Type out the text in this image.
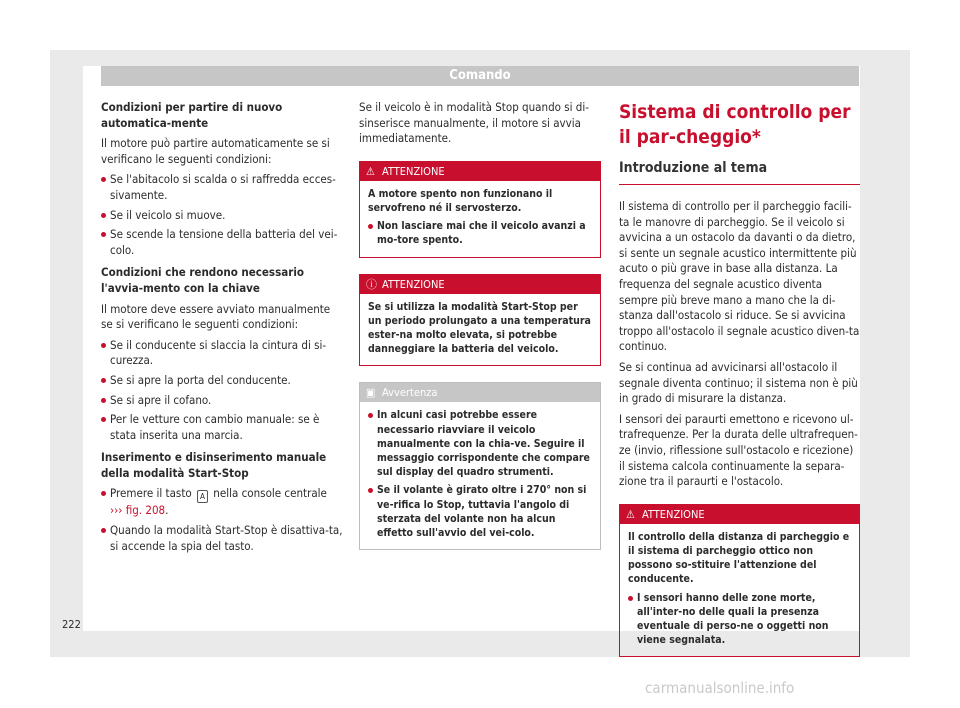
Comando

Condizioni per partire di nuovo automatica-mente

Il motore può partire automaticamente se si verificano le seguenti condizioni:

Se l'abitacolo si scalda o si raffredda ecces-sivamente.
Se il veicolo si muove.
Se scende la tensione della batteria del vei-colo.

Condizioni che rendono necessario l'avvia-mento con la chiave

Il motore deve essere avviato manualmente se si verificano le seguenti condizioni:

Se il conducente si slaccia la cintura di si-curezza.
Se si apre la porta del conducente.
Se si apre il cofano.
Per le vetture con cambio manuale: se è stata inserita una marcia.

Inserimento e disinserimento manuale della modalità Start-Stop

Premere il tasto A nella console centrale
››› fig. 208.
Quando la modalità Start-Stop è disattiva-ta, si accende la spia del tasto.

Se il veicolo è in modalità Stop quando si di-sinserisce manualmente, il motore si avvia immediatamente.

⚠ ATTENZIONE

A motore spento non funzionano il servofreno né il servosterzo.

Non lasciare mai che il veicolo avanzi a mo-tore spento.
ⓘ ATTENZIONE

Se si utilizza la modalità Start-Stop per un periodo prolungato a una temperatura ester-na molto elevata, si potrebbe danneggiare la batteria del veicolo.

▣ Avvertenza
In alcuni casi potrebbe essere necessario riavviare il veicolo manualmente con la chia-ve. Seguire il messaggio corrispondente che compare sul display del quadro strumenti.
Se il volante è girato oltre i 270° non si ve-rifica lo Stop, tuttavia l'angolo di sterzata del volante non ha alcun effetto sull'avvio del vei-colo.
Sistema di controllo per il par-cheggio*
Introduzione al tema

Il sistema di controllo per il parcheggio facili-ta le manovre di parcheggio. Se il veicolo si avvicina a un ostacolo da davanti o da dietro, si sente un segnale acustico intermittente più acuto o più grave in base alla distanza. La frequenza del segnale acustico diventa sempre più breve mano a mano che la di-stanza dall'ostacolo si riduce. Se si avvicina troppo all'ostacolo il segnale acustico diven-ta continuo.

Se si continua ad avvicinarsi all'ostacolo il segnale diventa continuo; il sistema non è più in grado di misurare la distanza.

I sensori dei paraurti emettono e ricevono ul-trafrequenze. Per la durata delle ultrafrequen-ze (invio, riflessione sull'ostacolo e ricezione) il sistema calcola continuamente la separa-zione tra il paraurti e l'ostacolo.

⚠ ATTENZIONE

Il controllo della distanza di parcheggio e il sistema di parcheggio ottico non possono so-stituire l'attenzione del conducente.

I sensori hanno delle zone morte, all'inter-no delle quali la presenza eventuale di perso-ne o oggetti non viene segnalata.
222
carmanualsonline.info
